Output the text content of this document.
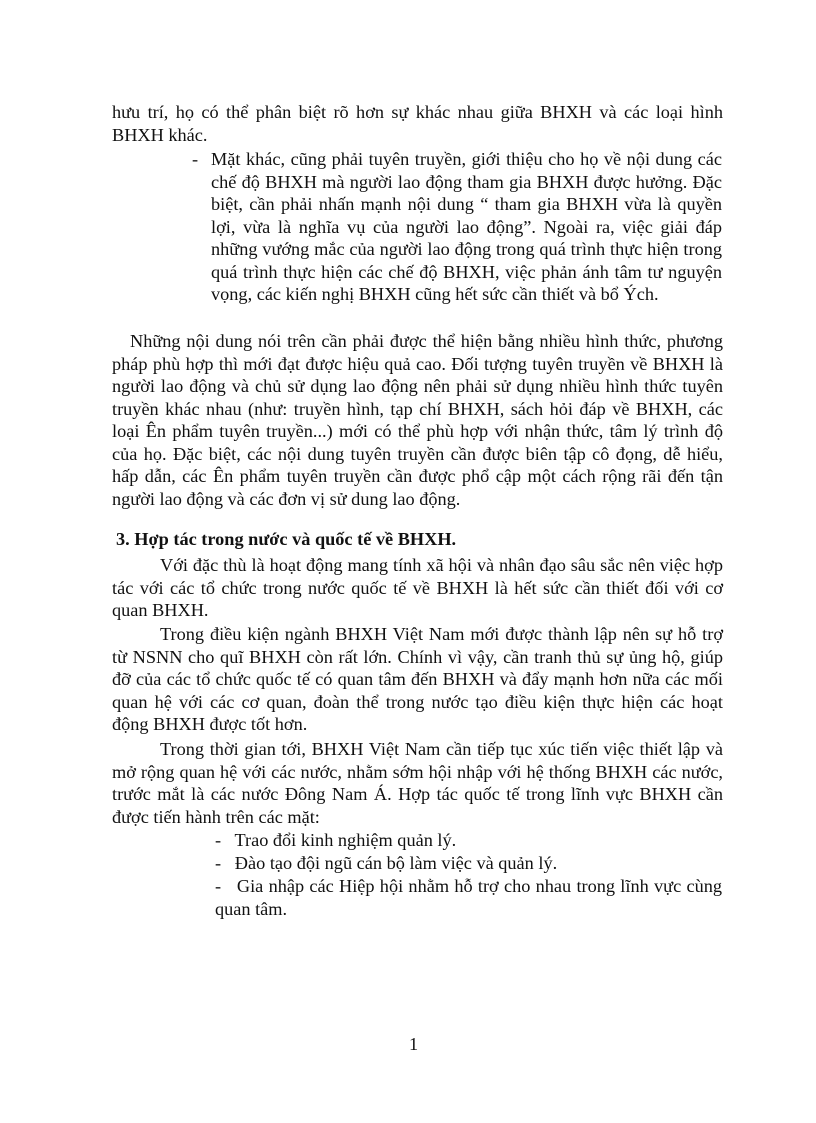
hưu trí, họ có thể phân biệt rõ hơn sự khác nhau giữa BHXH và các loại hình BHXH khác.

- Mặt khác, cũng phải tuyên truyền, giới thiệu cho họ về nội dung các chế độ BHXH mà người lao động tham gia BHXH được hưởng. Đặc biệt, cần phải nhấn mạnh nội dung “ tham gia BHXH vừa là quyền lợi, vừa là nghĩa vụ của người lao động”. Ngoài ra, việc giải đáp những vướng mắc của người lao động trong quá trình thực hiện trong quá trình thực hiện các chế độ BHXH, việc phản ánh tâm tư nguyện vọng, các kiến nghị BHXH cũng hết sức cần thiết và bổ Ých.

Những nội dung nói trên cần phải được thể hiện bằng nhiều hình thức, phương pháp phù hợp thì mới đạt được hiệu quả cao. Đối tượng tuyên truyền về BHXH là người lao động và chủ sử dụng lao động nên phải sử dụng nhiều hình thức tuyên truyền khác nhau (như: truyền hình, tạp chí BHXH, sách hỏi đáp về BHXH, các loại Ên phẩm tuyên truyền...) mới có thể phù hợp với nhận thức, tâm lý trình độ của họ. Đặc biệt, các nội dung tuyên truyền cần được biên tập cô đọng, dễ hiểu, hấp dẫn, các Ên phẩm tuyên truyền cần được phổ cập một cách rộng rãi đến tận người lao động và các đơn vị sử dung lao động.

3. Hợp tác trong nước và quốc tế về BHXH.

Với đặc thù là hoạt động mang tính xã hội và nhân đạo sâu sắc nên việc hợp tác với các tổ chức trong nước quốc tế về BHXH là hết sức cần thiết đối với cơ quan BHXH.

Trong điều kiện ngành BHXH Việt Nam mới được thành lập nên sự hỗ trợ từ NSNN cho quĩ BHXH còn rất lớn. Chính vì vậy, cần tranh thủ sự ủng hộ, giúp đỡ của các tổ chức quốc tế có quan tâm đến BHXH và đẩy mạnh hơn nữa các mối quan hệ với các cơ quan, đoàn thể trong nước tạo điều kiện thực hiện các hoạt động BHXH được tốt hơn.

Trong thời gian tới, BHXH Việt Nam cần tiếp tục xúc tiến việc thiết lập và mở rộng quan hệ với các nước, nhằm sớm hội nhập với hệ thống BHXH các nước, trước mắt là các nước Đông Nam Á. Hợp tác quốc tế trong lĩnh vực BHXH cần được tiến hành trên các mặt:

-   Trao đổi kinh nghiệm quản lý.

-   Đào tạo đội ngũ cán bộ làm việc và quản lý.

-   Gia nhập các Hiệp hội nhằm hỗ trợ cho nhau trong lĩnh vực cùng quan tâm.

1
